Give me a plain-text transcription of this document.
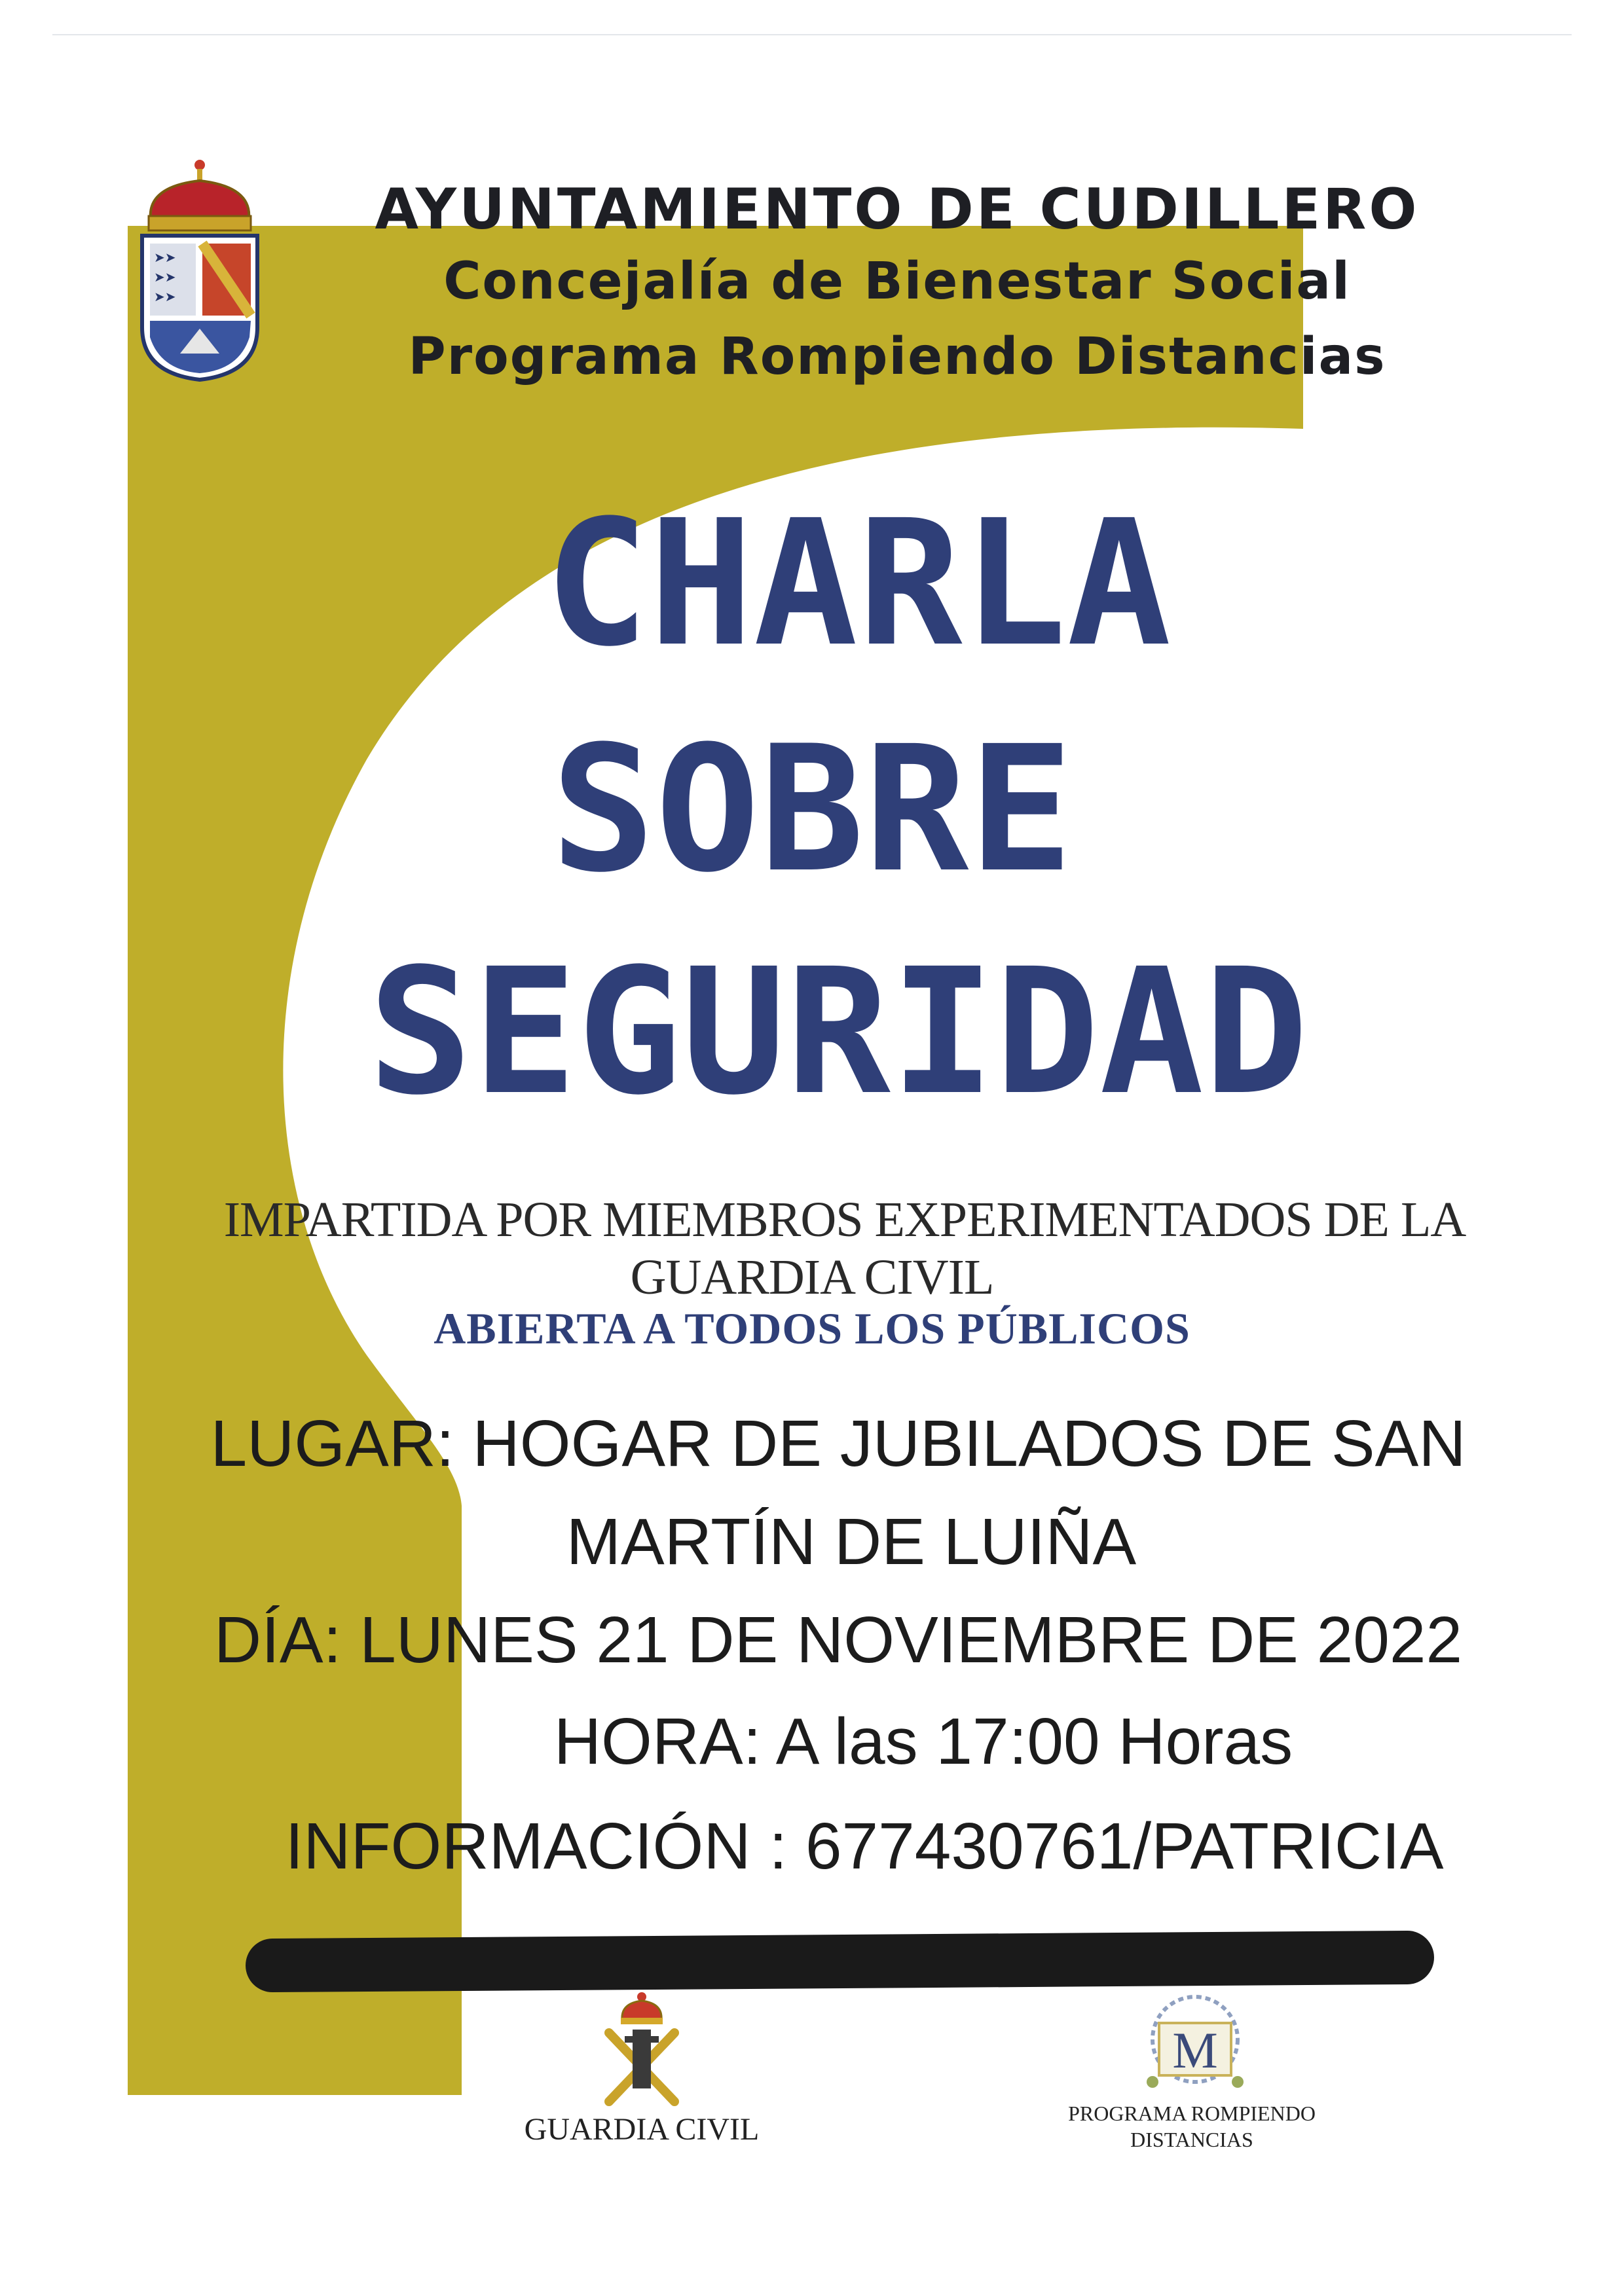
➤➤
➤➤
➤➤
AYUNTAMIENTO DE CUDILLERO
Concejalía de Bienestar Social
Programa Rompiendo Distancias
CHARLA
SOBRE
SEGURIDAD
IMPARTIDA POR MIEMBROS EXPERIMENTADOS DE LA
GUARDIA CIVIL
ABIERTA A TODOS LOS PÚBLICOS
LUGAR: HOGAR DE JUBILADOS DE SAN
MARTÍN DE LUIÑA
DÍA: LUNES 21 DE NOVIEMBRE DE 2022
HORA: A las 17:00 Horas
INFORMACIÓN : 677430761/PATRICIA
M
GUARDIA CIVIL	PROGRAMA ROMPIENDO
DISTANCIAS
